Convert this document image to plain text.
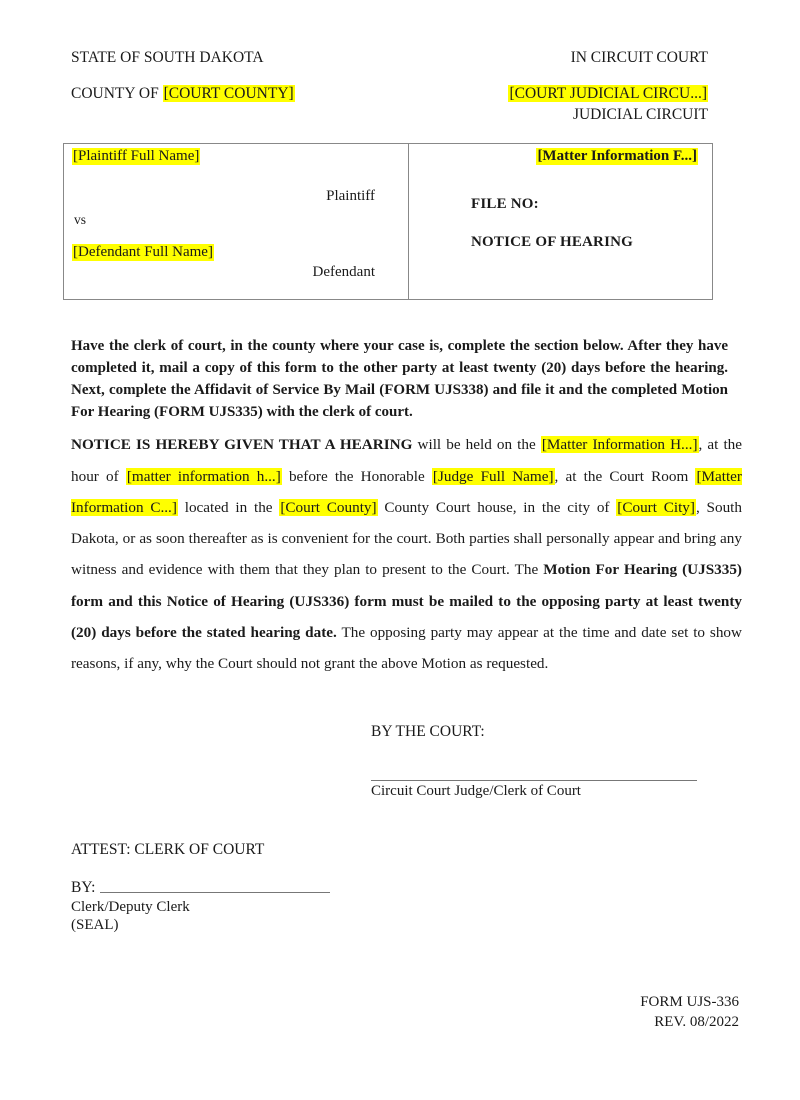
STATE OF SOUTH DAKOTA	IN CIRCUIT COURT
COUNTY OF [COURT COUNTY]	[COURT JUDICIAL CIRCU...]
JUDICIAL CIRCUIT
[Plaintiff Full Name]
Plaintiff
vs
[Defendant Full Name]
Defendant
[Matter Information F...]
FILE NO:
NOTICE OF HEARING

Have the clerk of court, in the county where your case is, complete the section below. After they have completed it, mail a copy of this form to the other party at least twenty (20) days before the hearing. Next, complete the Affidavit of Service By Mail (FORM UJS338) and file it and the completed Motion For Hearing (FORM UJS335) with the clerk of court.

NOTICE IS HEREBY GIVEN THAT A HEARING will be held on the [Matter Information H...], at the hour of [matter information h...] before the Honorable [Judge Full Name], at the Court Room [Matter Information C...] located in the [Court County] County Court house, in the city of [Court City], South Dakota, or as soon thereafter as is convenient for the court. Both parties shall personally appear and bring any witness and evidence with them that they plan to present to the Court. The Motion For Hearing (UJS335) form and this Notice of Hearing (UJS336) form must be mailed to the opposing party at least twenty (20) days before the stated hearing date. The opposing party may appear at the time and date set to show reasons, if any, why the Court should not grant the above Motion as requested.

BY THE COURT:
Circuit Court Judge/Clerk of Court
ATTEST: CLERK OF COURT
BY:
Clerk/Deputy Clerk
(SEAL)
FORM UJS-336
REV. 08/2022
